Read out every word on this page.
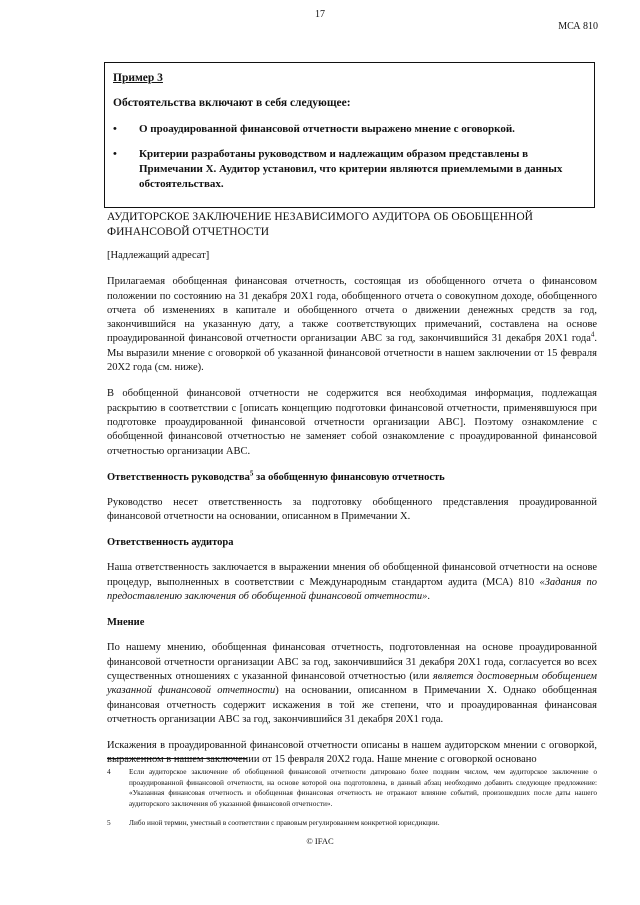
17
МСА 810
Пример 3
Обстоятельства включают в себя следующее:
•	О проаудированной финансовой отчетности выражено мнение с оговоркой.
•	Критерии разработаны руководством и надлежащим образом представлены в Примечании X. Аудитор установил, что критерии являются приемлемыми в данных обстоятельствах.
АУДИТОРСКОЕ ЗАКЛЮЧЕНИЕ НЕЗАВИСИМОГО АУДИТОРА ОБ ОБОБЩЕННОЙ ФИНАНСОВОЙ ОТЧЕТНОСТИ
[Надлежащий адресат]
Прилагаемая обобщенная финансовая отчетность, состоящая из обобщенного отчета о финансовом положении по состоянию на 31 декабря 20X1 года, обобщенного отчета о совокупном доходе, обобщенного отчета об изменениях в капитале и обобщенного отчета о движении денежных средств за год, закончившийся на указанную дату, а также соответствующих примечаний, составлена на основе проаудированной финансовой отчетности организации ABC за год, закончившийся 31 декабря 20X1 года$^4$. Мы выразили мнение с оговоркой об указанной финансовой отчетности в нашем заключении от 15 февраля 20X2 года (см. ниже).
В обобщенной финансовой отчетности не содержится вся необходимая информация, подлежащая раскрытию в соответствии с [описать концепцию подготовки финансовой отчетности, применявшуюся при подготовке проаудированной финансовой отчетности организации ABC]. Поэтому ознакомление с обобщенной финансовой отчетностью не заменяет собой ознакомление с проаудированной финансовой отчетностью организации ABC.
Ответственность руководства$^5$ за обобщенную финансовую отчетность
Руководство несет ответственность за подготовку обобщенного представления проаудированной финансовой отчетности на основании, описанном в Примечании X.
Ответственность аудитора
Наша ответственность заключается в выражении мнения об обобщенной финансовой отчетности на основе процедур, выполненных в соответствии с Международным стандартом аудита (МСА) 810 «Задания по предоставлению заключения об обобщенной финансовой отчетности».
Мнение
По нашему мнению, обобщенная финансовая отчетность, подготовленная на основе проаудированной финансовой отчетности организации ABC за год, закончившийся 31 декабря 20X1 года, согласуется во всех существенных отношениях с указанной финансовой отчетностью (или является достоверным обобщением указанной финансовой отчетности) на основании, описанном в Примечании X. Однако обобщенная финансовая отчетность содержит искажения в той же степени, что и проаудированная финансовая отчетность организации ABC за год, закончившийся 31 декабря 20X1 года.
Искажения в проаудированной финансовой отчетности описаны в нашем аудиторском мнении с оговоркой, выраженном в нашем заключении от 15 февраля 20X2 года. Наше мнение с оговоркой основано
4	Если аудиторское заключение об обобщенной финансовой отчетности датировано более поздним числом, чем аудиторское заключение о проаудированной финансовой отчетности, на основе которой она подготовлена, в данный абзац необходимо добавить следующее предложение: «Указанная финансовая отчетность и обобщенная финансовая отчетность не отражают влияние событий, произошедших после даты нашего аудиторского заключения об указанной финансовой отчетности».
5	Либо иной термин, уместный в соответствии с правовым регулированием конкретной юрисдикции.
© IFAC
